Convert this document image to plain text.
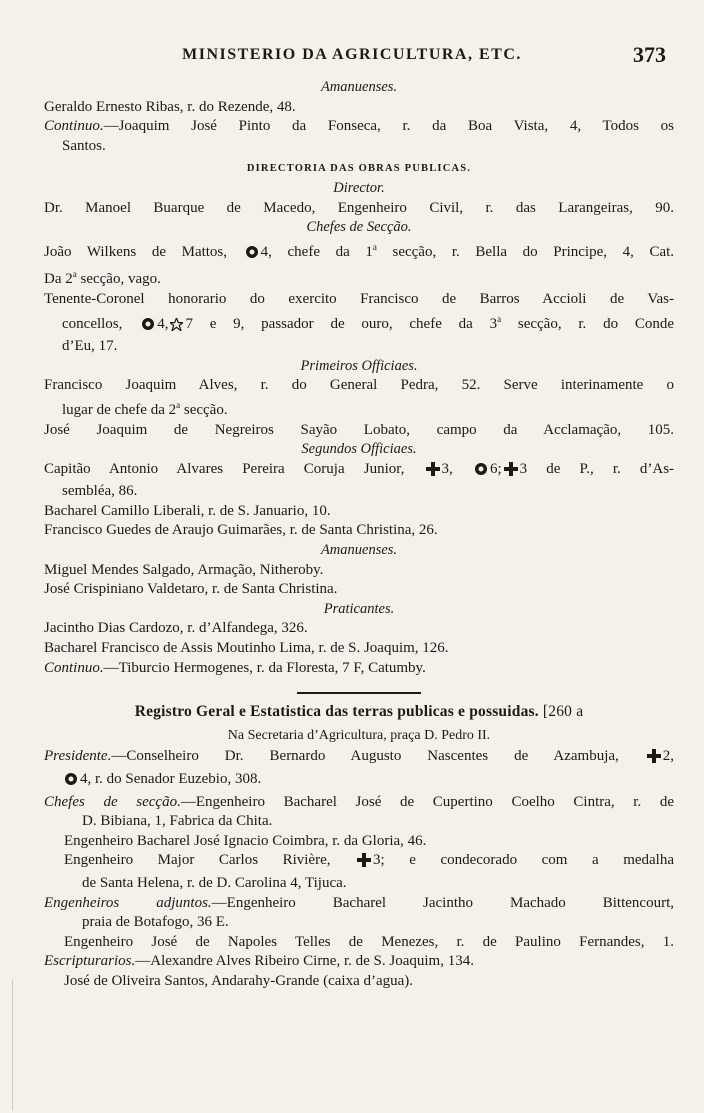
MINISTERIO DA AGRICULTURA, ETC.	373

Amanuenses.

Geraldo Ernesto Ribas, r. do Rezende, 48.

Continuo.—Joaquim José Pinto da Fonseca, r. da Boa Vista, 4, Todos os

Santos.

DIRECTORIA DAS OBRAS PUBLICAS.

Director.

Dr. Manoel Buarque de Macedo, Engenheiro Civil, r. das Larangeiras, 90.

Chefes de Secção.

João Wilkens de Mattos, 4, chefe da 1$^a$ secção, r. Bella do Principe, 4, Cat.

Da 2$^a$ secção, vago.

Tenente-Coronel honorario do exercito Francisco de Barros Accioli de Vas-

concellos, 4, 7 e 9, passador de ouro, chefe da 3$^a$ secção, r. do Conde

d’Eu, 17.

Primeiros Officiaes.

Francisco Joaquim Alves, r. do General Pedra, 52. Serve interinamente o

lugar de chefe da 2$^a$ secção.

José Joaquim de Negreiros Sayão Lobato, campo da Acclamação, 105.

Segundos Officiaes.

Capitão Antonio Alvares Pereira Coruja Junior, 3, 6; 3 de P., r. d’As-

sembléa, 86.

Bacharel Camillo Liberali, r. de S. Januario, 10.

Francisco Guedes de Araujo Guimarães, r. de Santa Christina, 26.

Amanuenses.

Miguel Mendes Salgado, Armação, Nitheroby.

José Crispiniano Valdetaro, r. de Santa Christina.

Praticantes.

Jacintho Dias Cardozo, r. d’Alfandega, 326.

Bacharel Francisco de Assis Moutinho Lima, r. de S. Joaquim, 126.

Continuo.—Tiburcio Hermogenes, r. da Floresta, 7 F, Catumby.

Registro Geral e Estatistica das terras publicas e possuidas. [260 a

Na Secretaria d’Agricultura, praça D. Pedro II.

Presidente.—Conselheiro Dr. Bernardo Augusto Nascentes de Azambuja,	2,

4, r. do Senador Euzebio, 308.

Chefes de secção.—Engenheiro Bacharel José de Cupertino Coelho Cintra, r. de

D. Bibiana, 1, Fabrica da Chita.

Engenheiro Bacharel José Ignacio Coimbra, r. da Gloria, 46.

Engenheiro Major Carlos Rivière,	3; e condecorado com a medalha

de Santa Helena, r. de D. Carolina 4, Tijuca.

Engenheiros adjuntos.—Engenheiro Bacharel Jacintho Machado Bittencourt,

praia de Botafogo, 36 E.

Engenheiro José de Napoles Telles de Menezes, r. de Paulino Fernandes, 1.

Escripturarios.—Alexandre Alves Ribeiro Cirne, r. de S. Joaquim, 134.

José de Oliveira Santos, Andarahy-Grande (caixa d’agua).
